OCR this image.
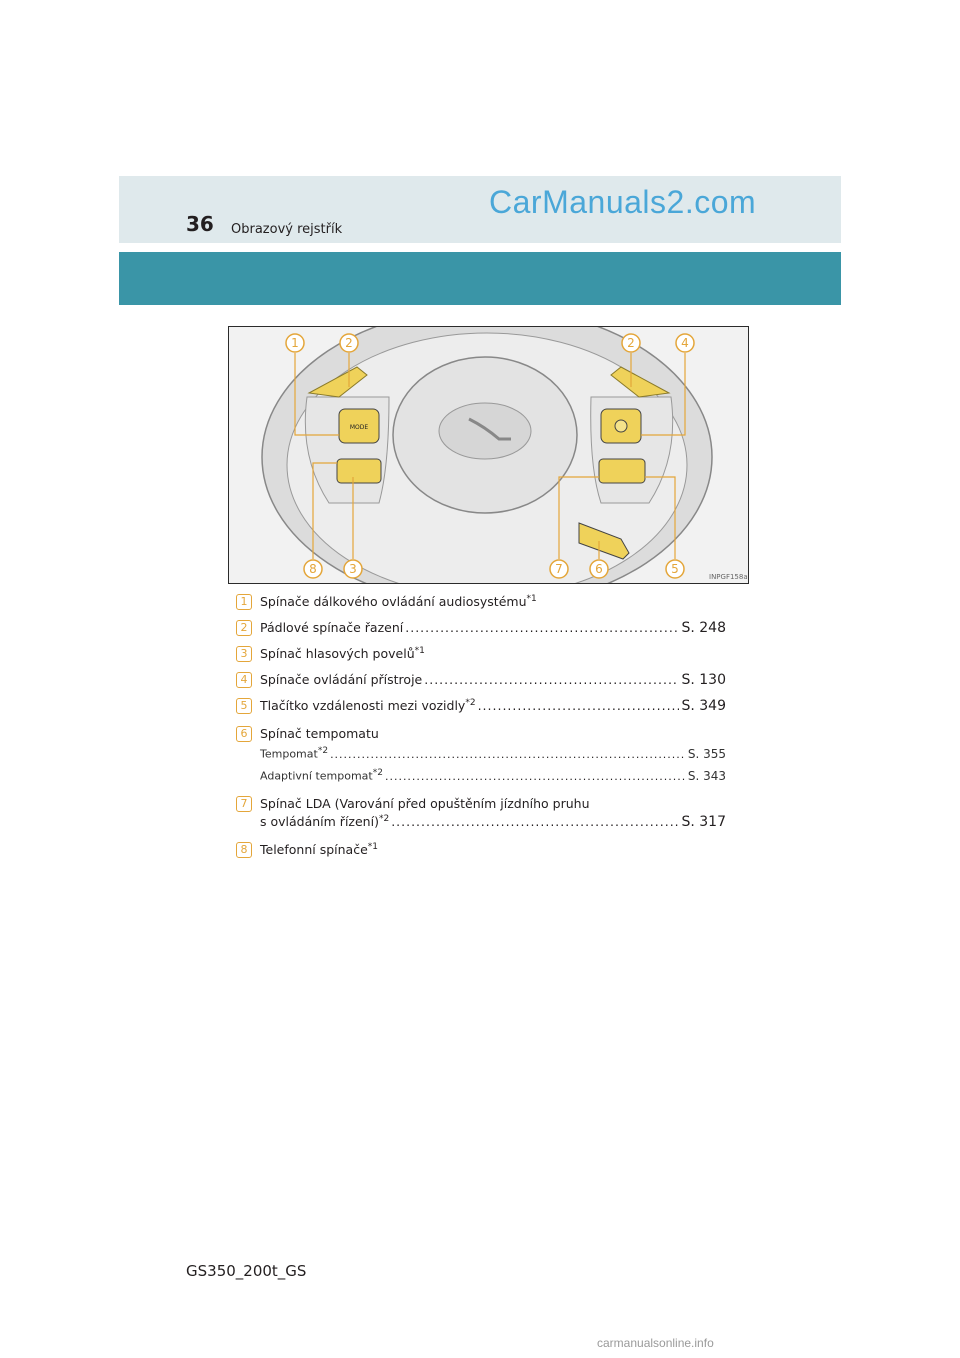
36 Obrazový rejstřík
CarManuals2.com
MODE
1	2	2	4
8	3	7	6	5
INPGF158a
1	Spínače dálkového ovládání audiosystému$^{*1}$
2	Pádlové spínače řazení .....	S. 248
3	Spínač hlasových povelů$^{*1}$
4	Spínače ovládání přístroje .....	S. 130
5	Tlačítko vzdálenosti mezi vozidly$^{*2}$ .....	S. 349
6	Spínač tempomatu
Tempomat$^{*2}$ .....	S. 355
Adaptivní tempomat$^{*2}$ .....	S. 343
7	Spínač LDA (Varování před opuštěním jízdního pruhu
s ovládáním řízení)$^{*2}$ .....	S. 317
8	Telefonní spínače$^{*1}$
GS350_200t_GS
carmanualsonline.info
